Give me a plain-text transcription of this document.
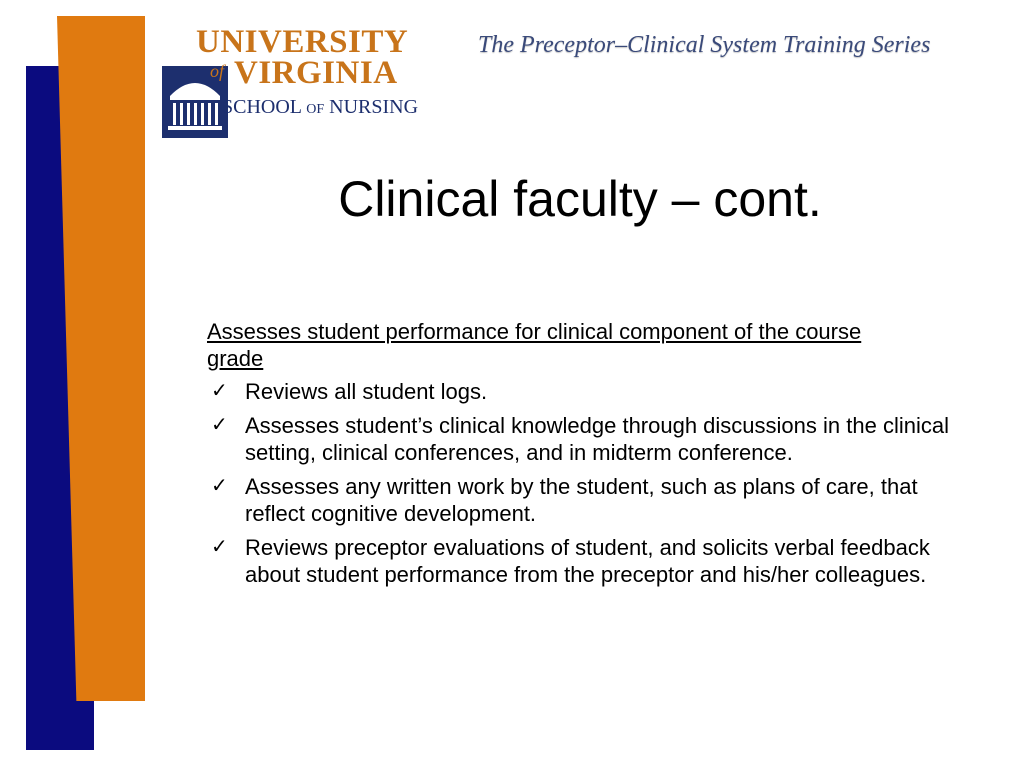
UNIVERSITY
of VIRGINIA
SCHOOL of NURSING
The Preceptor–Clinical System Training Series
Clinical faculty – cont.
Assesses student performance for clinical component of the course grade
✓ Reviews all student logs.
✓ Assesses student’s clinical knowledge through discussions in the clinical setting, clinical conferences, and in midterm conference.
✓ Assesses any written work by the student, such as plans of care, that reflect cognitive development.
✓ Reviews preceptor evaluations of student, and solicits verbal feedback about student performance from the preceptor and his/her colleagues.
